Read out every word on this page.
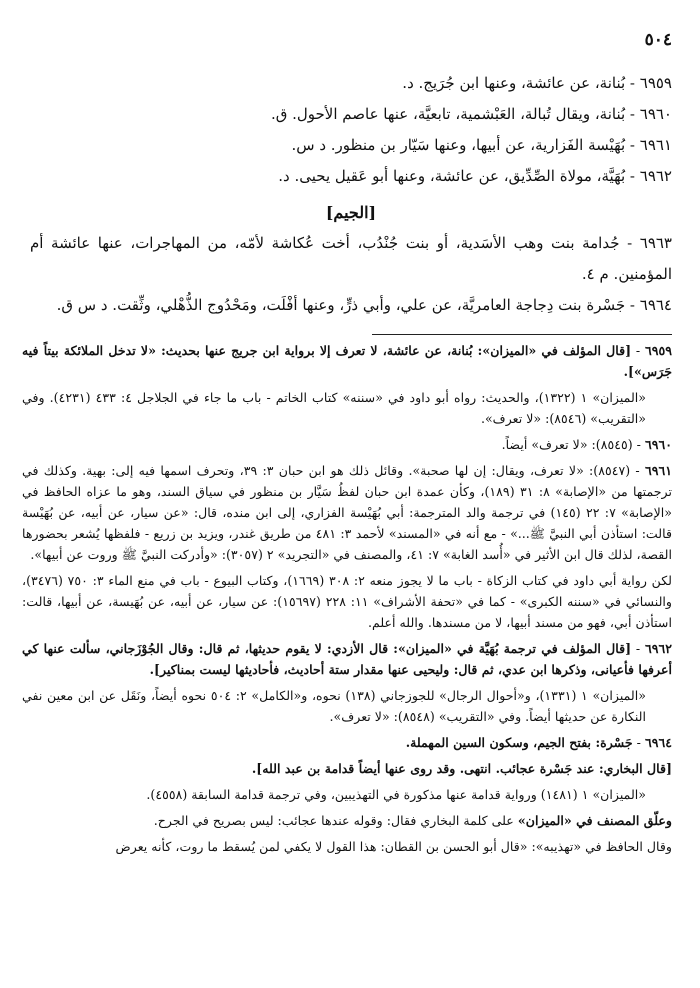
٥٠٤

٦٩٥٩ - بُنانة، عن عائشة، وعنها ابن جُرَيج. د.

٦٩٦٠ - بُنانة، ويقال تُبالة، العَبْشمية، تابعيَّة، عنها عاصم الأحول. ق.

٦٩٦١ - بُهَيْسة الفَزارية، عن أبيها، وعنها سَيّار بن منظور. د س.

٦٩٦٢ - بُهَيَّة، مولاة الصِّدِّيق، عن عائشة، وعنها أبو عَقيل يحيى. د.

[الجيم]

٦٩٦٣ - جُدامة بنت وهب الأسَدية، أو بنت جُنْدُب، أخت عُكاشة لأمّه، من المهاجرات، عنها عائشة أم المؤمنين. م ٤.

٦٩٦٤ - جَسْرة بنت دِجاجة العامريَّة، عن علي، وأبي ذرٍّ، وعنها أفْلَت، ومَحْدُوج الذُّهْلي، وثِّقت. د س ق.

٦٩٥٩ - [قال المؤلف في «الميزان»: بُنانة، عن عائشة، لا تعرف إلا برواية ابن جريج عنها بحديث: «لا تدخل الملائكة بيتاً فيه جَرَس»].
«الميزان» ١ (١٣٢٢)، والحديث: رواه أبو داود في «سننه» كتاب الخاتم - باب ما جاء في الجلاجل ٤: ٤٣٣ (٤٢٣١). وفي «التقريب» (٨٥٤٦): «لا تعرف».
٦٩٦٠ - (٨٥٤٥): «لا تعرف» أيضاً.
٦٩٦١ - (٨٥٤٧): «لا تعرف، ويقال: إن لها صحبة». وقائل ذلك هو ابن حبان ٣: ٣٩، وتحرف اسمها فيه إلى: بهية. وكذلك في ترجمتها من «الإصابة» ٨: ٣١ (١٨٩)، وكأن عمدة ابن حبان لفظُ سَيَّار بن منظور في سياق السند، وهو ما عزاه الحافظ في «الإصابة» ٧: ٢٢ (١٤٥) في ترجمة والد المترجمة: أبي بُهَيْسة الفزاري، إلى ابن منده، قال: «عن سيار، عن أبيه، عن بُهَيْسة قالت: استأذن أبي النبيَّ ﷺ...» - مع أنه في «المسند» لأحمد ٣: ٤٨١ من طريق غندر، ويزيد بن زريع - فلفظها يُشعر بحضورها القصة، لذلك قال ابن الأثير في «أُسد الغابة» ٧: ٤١، والمصنف في «التجريد» ٢ (٣٠٥٧): «وأدركت النبيَّ ﷺ وروت عن أبيها».
لكن رواية أبي داود في كتاب الزكاة - باب ما لا يجوز منعه ٢: ٣٠٨ (١٦٦٩)، وكتاب البيوع - باب في منع الماء ٣: ٧٥٠ (٣٤٧٦)، والنسائي في «سننه الكبرى» - كما في «تحفة الأشراف» ١١: ٢٢٨ (١٥٦٩٧): عن سيار، عن أبيه، عن بُهَيسة، عن أبيها، قالت: استأذن أبي، فهو من مسند أبيها، لا من مسندها. والله أعلم.
٦٩٦٢ - [قال المؤلف في ترجمة بُهَيَّة في «الميزان»: قال الأزدي: لا يقوم حديثها، ثم قال: وقال الجُوْزَجاني، سألت عنها كي أعرفها فأعيانى، وذكرها ابن عدي، ثم قال: وليحيى عنها مقدار ستة أحاديث، فأحاديثها ليست بمناكير].
«الميزان» ١ (١٣٣١)، و«أحوال الرجال» للجوزجاني (١٣٨) نحوه، و«الكامل» ٢: ٥٠٤ نحوه أيضاً، ونَقَل عن ابن معين نفي النكارة عن حديثها أيضاً. وفي «التقريب» (٨٥٤٨): «لا تعرف».
٦٩٦٤ - جَسْرة: بفتح الجيم، وسكون السين المهملة.
[قال البخاري: عند جَسْرة عجائب. انتهى. وقد روى عنها أيضاً قدامة بن عبد الله].
«الميزان» ١ (١٤٨١) ورواية قدامة عنها مذكورة في التهذيبين، وفي ترجمة قدامة السابقة (٤٥٥٨).
وعلّق المصنف في «الميزان» على كلمة البخاري فقال: وقوله عندها عجائب: ليس بصريح في الجرح.
وقال الحافظ في «تهذيبه»: «قال أبو الحسن بن القطان: هذا القول لا يكفي لمن يُسقط ما روت، كأنه يعرض
